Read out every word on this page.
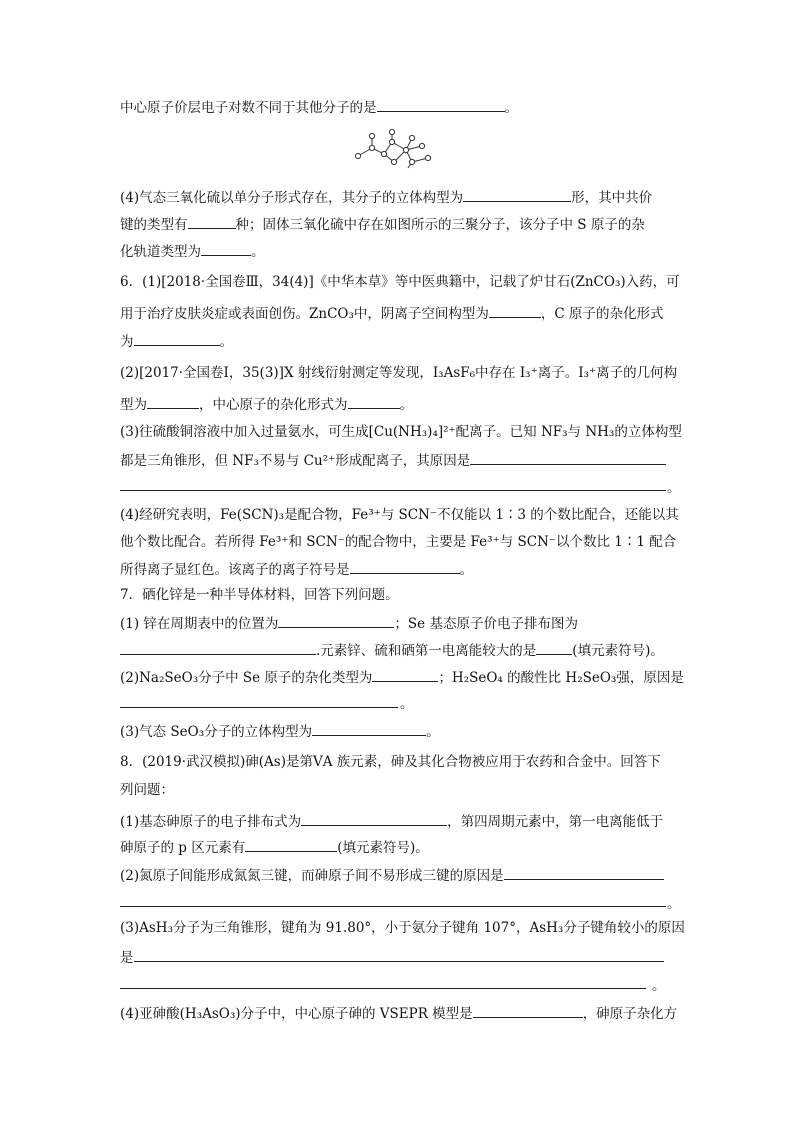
中心原子价层电子对数不同于其他分子的是	。
(4)气态三氧化硫以单分子形式存在，其分子的立体构型为	形，其中共价
键的类型有	种；固体三氧化硫中存在如图所示的三聚分子，该分子中 S 原子的杂
化轨道类型为	。
6．(1)[2018·全国卷Ⅲ，34(4)]《中华本草》等中医典籍中，记载了炉甘石(ZnCO₃)入药，可
用于治疗皮肤炎症或表面创伤。ZnCO₃中，阴离子空间构型为	，C 原子的杂化形式
为	。
(2)[2017·全国卷Ⅰ，35(3)]X 射线衍射测定等发现，I₃AsF₆中存在 I₃⁺离子。I₃⁺离子的几何构
型为	，中心原子的杂化形式为	。
(3)往硫酸铜溶液中加入过量氨水，可生成[Cu(NH₃)₄]²⁺配离子。已知 NF₃与 NH₃的立体构型
都是三角锥形，但 NF₃不易与 Cu²⁺形成配离子，其原因是
。
(4)经研究表明，Fe(SCN)₃是配合物，Fe³⁺与 SCN⁻不仅能以 1∶3 的个数比配合，还能以其
他个数比配合。若所得 Fe³⁺和 SCN⁻的配合物中，主要是 Fe³⁺与 SCN⁻以个数比 1∶1 配合
所得离子显红色。该离子的离子符号是	。
7．硒化锌是一种半导体材料，回答下列问题。
(1) 锌在周期表中的位置为	；Se 基态原子价电子排布图为
.元素锌、硫和硒第一电离能较大的是	(填元素符号)。
(2)Na₂SeO₃分子中 Se 原子的杂化类型为	；H₂SeO₄ 的酸性比 H₂SeO₃强，原因是
。
(3)气态 SeO₃分子的立体构型为	。
8．(2019·武汉模拟)砷(As)是第ⅤA 族元素，砷及其化合物被应用于农药和合金中。回答下
列问题：
(1)基态砷原子的电子排布式为	，第四周期元素中，第一电离能低于
砷原子的 p 区元素有	(填元素符号)。
(2)氮原子间能形成氮氮三键，而砷原子间不易形成三键的原因是
。
(3)AsH₃分子为三角锥形，键角为 91.80°，小于氨分子键角 107°，AsH₃分子键角较小的原因
是
。
(4)亚砷酸(H₃AsO₃)分子中，中心原子砷的 VSEPR 模型是	，砷原子杂化方
